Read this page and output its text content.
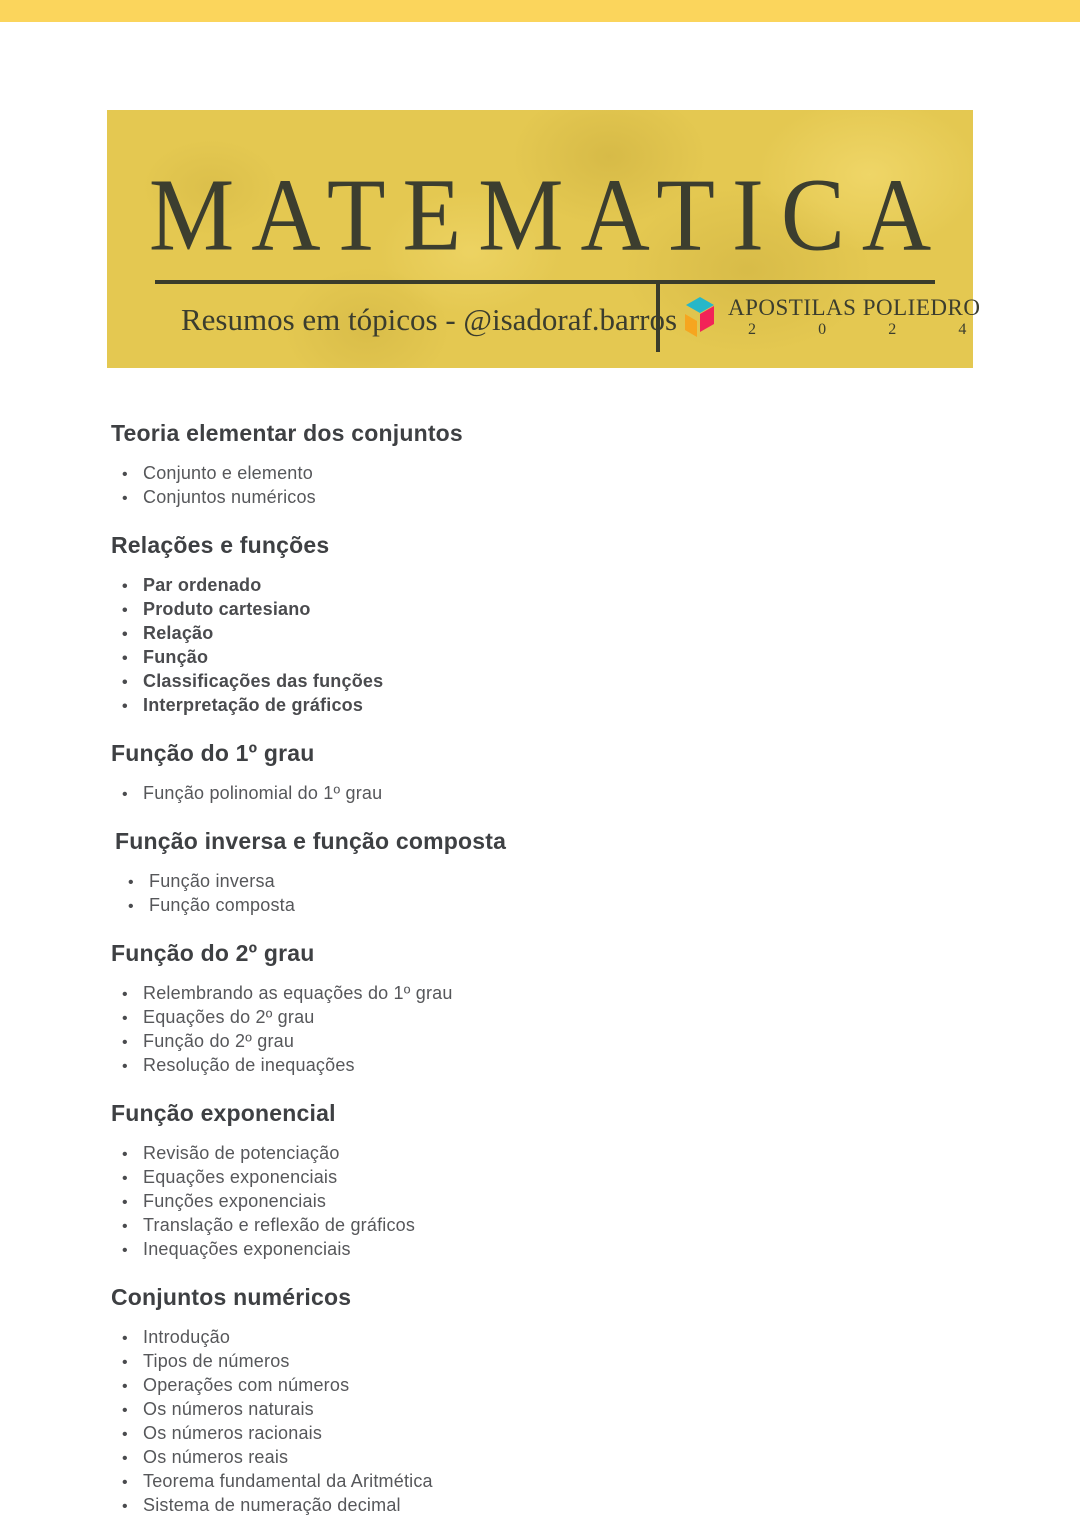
MATEMATICA
Resumos em tópicos - @isadoraf.barros APOSTILAS POLIEDRO
2	0	2	4
Teoria elementar dos conjuntos
• Conjunto e elemento
• Conjuntos numéricos
Relações e funções
• Par ordenado
• Produto cartesiano
• Relação
• Função
• Classificações das funções
• Interpretação de gráficos
Função do 1º grau
• Função polinomial do 1º grau
Função inversa e função composta
• Função inversa
• Função composta
Função do 2º grau
• Relembrando as equações do 1º grau
• Equações do 2º grau
• Função do 2º grau
• Resolução de inequações
Função exponencial
• Revisão de potenciação
• Equações exponenciais
• Funções exponenciais
• Translação e reflexão de gráficos
• Inequações exponenciais
Conjuntos numéricos
• Introdução
• Tipos de números
• Operações com números
• Os números naturais
• Os números racionais
• Os números reais
• Teorema fundamental da Aritmética
• Sistema de numeração decimal
